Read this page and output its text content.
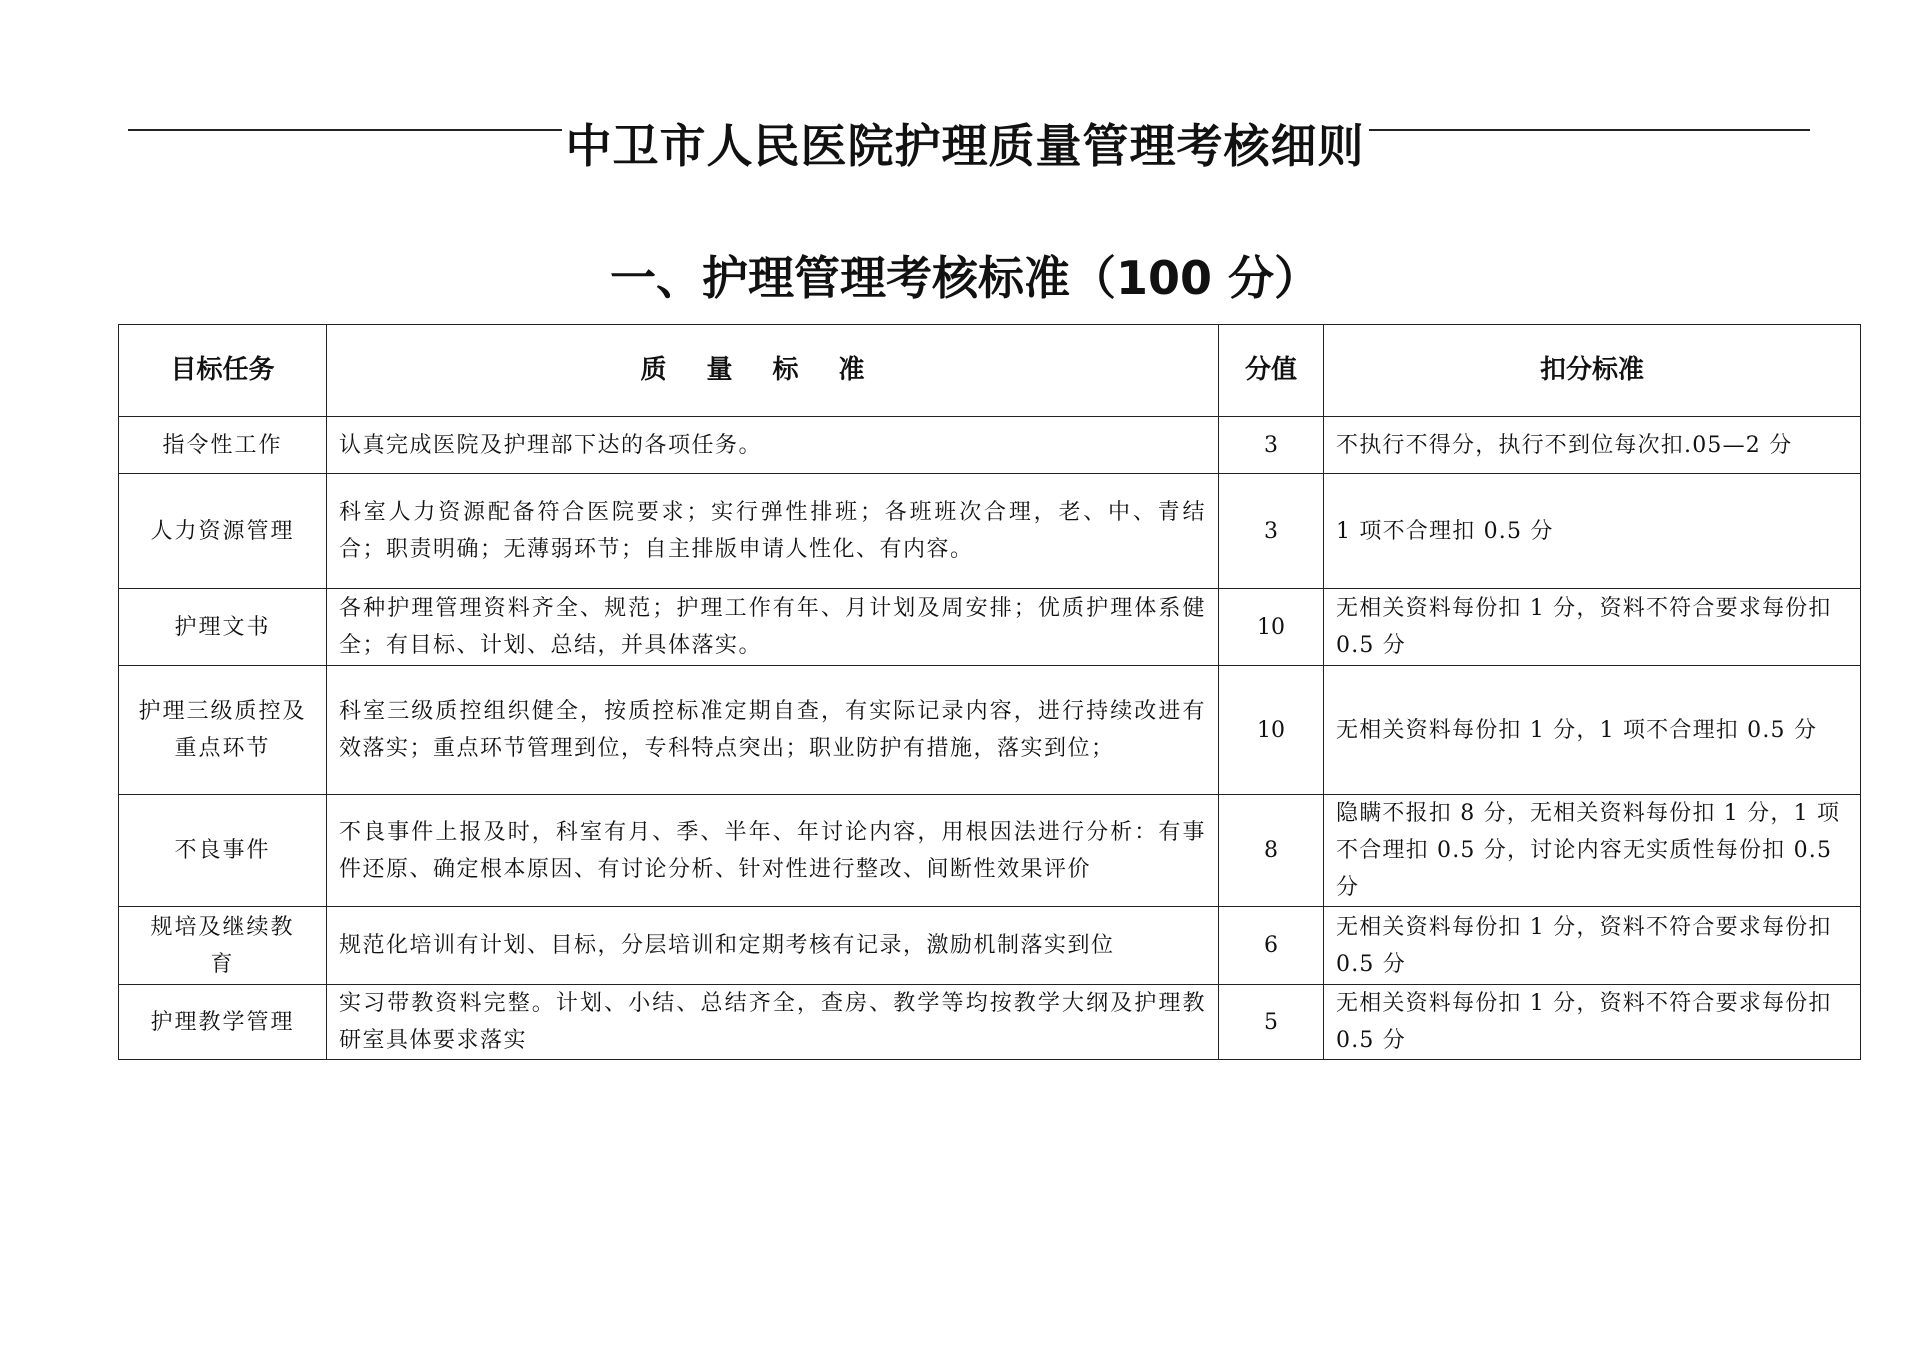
中卫市人民医院护理质量管理考核细则
一、护理管理考核标准（100 分）
目标任务	质量标准	分值	扣分标准
指令性工作	认真完成医院及护理部下达的各项任务。	3	不执行不得分，执行不到位每次扣.05—2 分
人力资源管理	科室人力资源配备符合医院要求；实行弹性排班；各班班次合理，老、中、青结合；职责明确；无薄弱环节；自主排版申请人性化、有内容。	3	1 项不合理扣 0.5 分
护理文书	各种护理管理资料齐全、规范；护理工作有年、月计划及周安排；优质护理体系健全；有目标、计划、总结，并具体落实。	10	无相关资料每份扣 1 分，资料不符合要求每份扣 0.5 分
护理三级质控及重点环节	科室三级质控组织健全，按质控标准定期自查，有实际记录内容，进行持续改进有效落实；重点环节管理到位，专科特点突出；职业防护有措施，落实到位；	10	无相关资料每份扣 1 分，1 项不合理扣 0.5 分
不良事件	不良事件上报及时，科室有月、季、半年、年讨论内容，用根因法进行分析：有事件还原、确定根本原因、有讨论分析、针对性进行整改、间断性效果评价	8	隐瞒不报扣 8 分，无相关资料每份扣 1 分，1 项不合理扣 0.5 分，讨论内容无实质性每份扣 0.5 分
规培及继续教　　育	规范化培训有计划、目标，分层培训和定期考核有记录，激励机制落实到位	6	无相关资料每份扣 1 分，资料不符合要求每份扣 0.5 分
护理教学管理	实习带教资料完整。计划、小结、总结齐全，查房、教学等均按教学大纲及护理教研室具体要求落实	5	无相关资料每份扣 1 分，资料不符合要求每份扣 0.5 分
